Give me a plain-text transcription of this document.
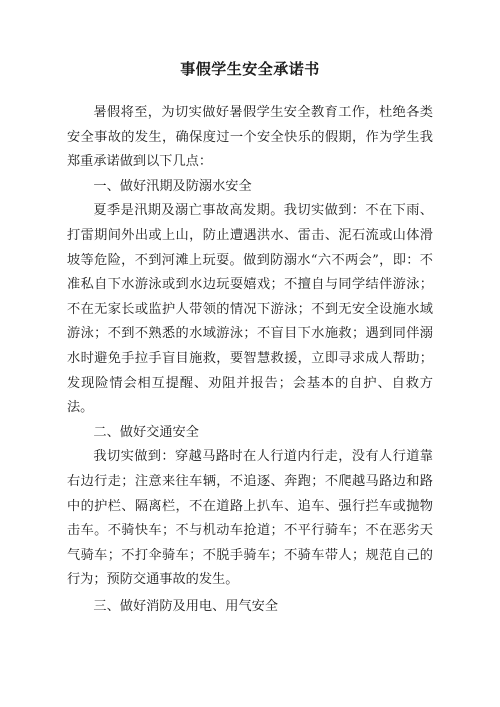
事假学生安全承诺书

暑假将至，为切实做好暑假学生安全教育工作，杜绝各类安全事故的发生，确保度过一个安全快乐的假期，作为学生我郑重承诺做到以下几点：

一、做好汛期及防溺水安全

夏季是汛期及溺亡事故高发期。我切实做到：不在下雨、打雷期间外出或上山，防止遭遇洪水、雷击、泥石流或山体滑坡等危险，不到河滩上玩耍。做到防溺水“六不两会”，即：不准私自下水游泳或到水边玩耍嬉戏；不擅自与同学结伴游泳；不在无家长或监护人带领的情况下游泳；不到无安全设施水域游泳；不到不熟悉的水域游泳；不盲目下水施救；遇到同伴溺水时避免手拉手盲目施救，要智慧救援，立即寻求成人帮助；发现险情会相互提醒、劝阻并报告；会基本的自护、自救方法。

二、做好交通安全

我切实做到：穿越马路时在人行道内行走，没有人行道靠右边行走；注意来往车辆，不追逐、奔跑；不爬越马路边和路中的护栏、隔离栏，不在道路上扒车、追车、强行拦车或抛物击车。不骑快车；不与机动车抢道；不平行骑车；不在恶劣天气骑车；不打伞骑车；不脱手骑车；不骑车带人；规范自己的行为；预防交通事故的发生。

三、做好消防及用电、用气安全
